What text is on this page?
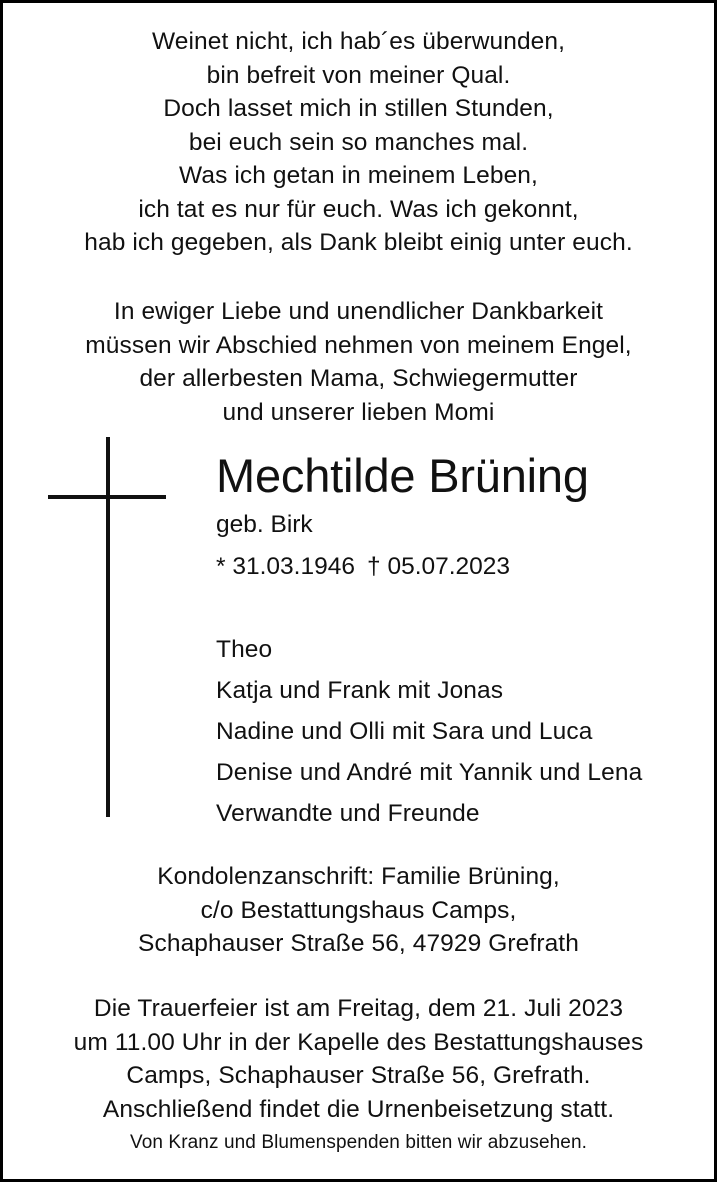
Weinet nicht, ich hab´es überwunden,
bin befreit von meiner Qual.
Doch lasset mich in stillen Stunden,
bei euch sein so manches mal.
Was ich getan in meinem Leben,
ich tat es nur für euch. Was ich gekonnt,
hab ich gegeben, als Dank bleibt einig unter euch.
In ewiger Liebe und unendlicher Dankbarkeit
müssen wir Abschied nehmen von meinem Engel,
der allerbesten Mama, Schwiegermutter
und unserer lieben Momi
Mechtilde Brüning
geb. Birk
* 31.03.1946 † 05.07.2023
Theo
Katja und Frank mit Jonas
Nadine und Olli mit Sara und Luca
Denise und André mit Yannik und Lena
Verwandte und Freunde
Kondolenzanschrift: Familie Brüning,
c/o Bestattungshaus Camps,
Schaphauser Straße 56, 47929 Grefrath
Die Trauerfeier ist am Freitag, dem 21. Juli 2023
um 11.00 Uhr in der Kapelle des Bestattungshauses
Camps, Schaphauser Straße 56, Grefrath.
Anschließend findet die Urnenbeisetzung statt.
Von Kranz und Blumenspenden bitten wir abzusehen.
